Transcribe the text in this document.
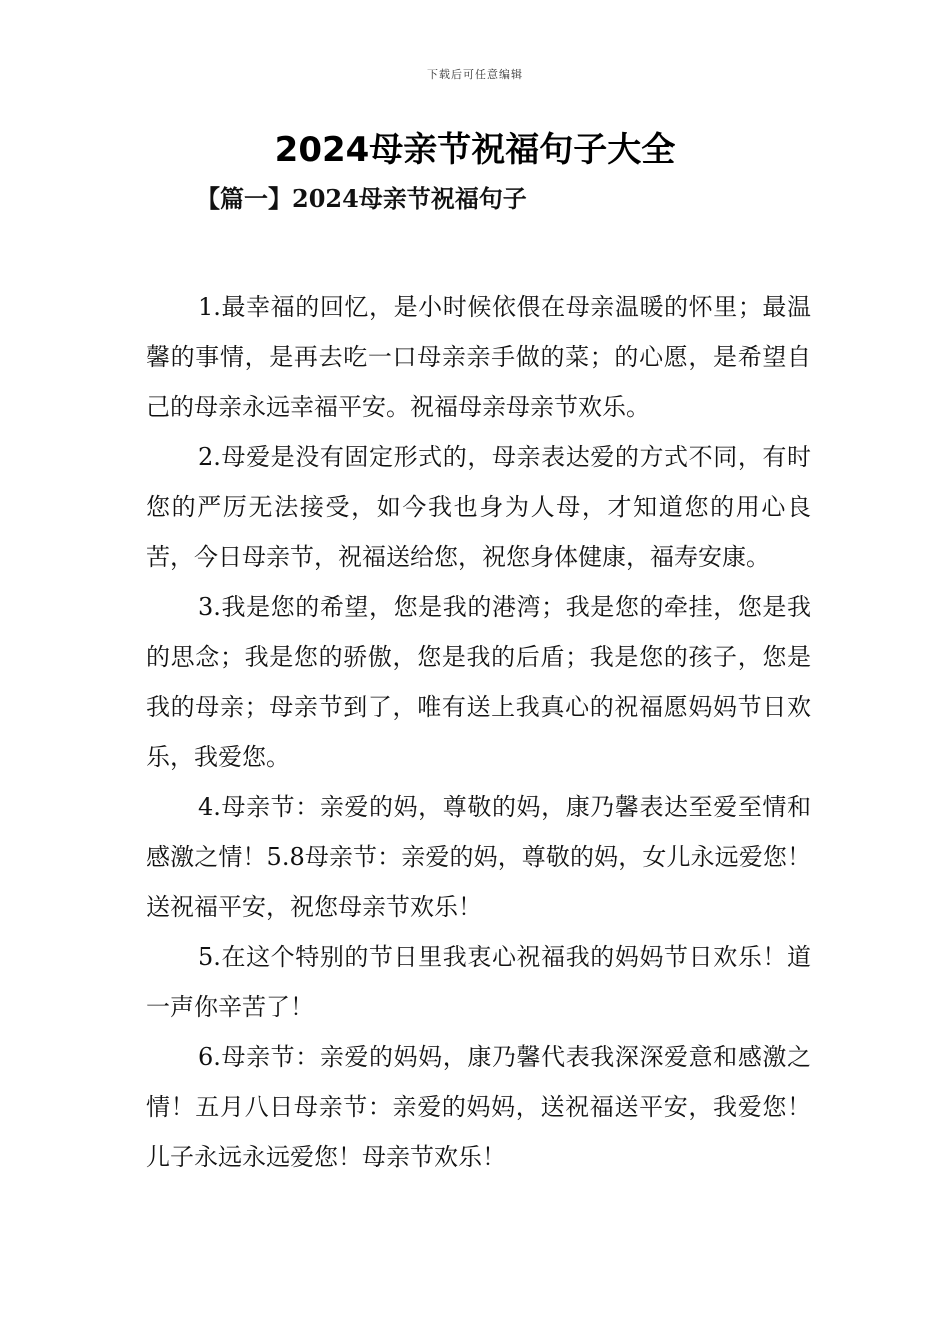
下载后可任意编辑
2024母亲节祝福句子大全
【篇一】2024母亲节祝福句子

1.最幸福的回忆，是小时候依偎在母亲温暖的怀里；最温馨的事情，是再去吃一口母亲亲手做的菜；的心愿，是希望自己的母亲永远幸福平安。祝福母亲母亲节欢乐。

2.母爱是没有固定形式的，母亲表达爱的方式不同，有时您的严厉无法接受，如今我也身为人母，才知道您的用心良苦，今日母亲节，祝福送给您，祝您身体健康，福寿安康。

3.我是您的希望，您是我的港湾；我是您的牵挂，您是我的思念；我是您的骄傲，您是我的后盾；我是您的孩子，您是我的母亲；母亲节到了，唯有送上我真心的祝福愿妈妈节日欢乐，我爱您。

4.母亲节：亲爱的妈，尊敬的妈，康乃馨表达至爱至情和感激之情！5.8母亲节：亲爱的妈，尊敬的妈，女儿永远爱您！送祝福平安，祝您母亲节欢乐！

5.在这个特别的节日里我衷心祝福我的妈妈节日欢乐！道一声你辛苦了！

6.母亲节：亲爱的妈妈，康乃馨代表我深深爱意和感激之情！五月八日母亲节：亲爱的妈妈，送祝福送平安，我爱您！儿子永远永远爱您！母亲节欢乐！
